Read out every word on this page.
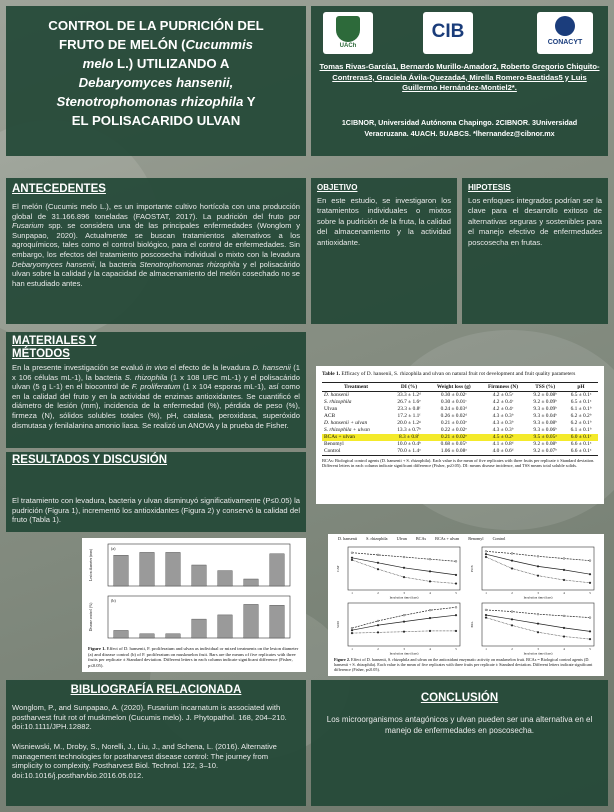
CONTROL DE LA PUDRICIÓN DEL
FRUTO DE MELÓN (Cucummis
melo L.) UTILIZANDO A
Debaryomyces hansenii,
Stenotrophomonas rhizophila Y
EL POLISACARIDO ULVAN
UACh
CIB
CONACYT
Tomas Rivas-García1, Bernardo Murillo-Amador2, Roberto Gregorio Chiquito-Contreras3, Graciela Ávila-Quezada4, Mirella Romero-Bastidas5 y Luis Guillermo Hernández-Montiel2*.
1CIBNOR, Universidad Autónoma Chapingo. 2CIBNOR. 3Universidad Veracruzana. 4UACH. 5UABCS. *lhernandez@cibnor.mx
ANTECEDENTES
El melón (Cucumis melo L.), es un importante cultivo hortícola con una producción global de 31.166.896 toneladas (FAOSTAT, 2017). La pudrición del fruto por Fusarium spp. se considera una de las principales enfermedades (Wonglom y Sunpapao, 2020). Actualmente se buscan tratamientos alternativos a los agroquímicos, tales como el control biológico, para el control de enfermedades. Sin embargo, los efectos del tratamiento poscosecha individual o mixto con la levadura Debaryomyces hansenii, la bacteria Stenotrophomonas rhizophila y el polisacárido ulvan sobre la calidad y la capacidad de almacenamiento del melón cosechado no se han estudiado antes.
OBJETIVO
En este estudio, se investigaron los tratamientos individuales o mixtos sobre la pudrición de la fruta, la calidad del almacenamiento y la actividad antioxidante.
HIPOTESIS
Los enfoques integrados podrían ser la clave para el desarrollo exitoso de alternativas seguras y sostenibles para el manejo efectivo de enfermedades poscosecha en frutas.
MATERIALES Y
MÉTODOS
En la presente investigación se evaluó in vivo el efecto de la levadura D. hansenii (1 x 106 células mL-1), la bacteria S. rhizophila (1 x 108 UFC mL-1) y el polisacárido ulvan (5 g L-1) en el biocontrol de F. proliferatum (1 x 104 esporas mL-1), así como en la calidad del fruto y en la actividad de enzimas antioxidantes. Se cuantificó el diámetro de lesión (mm), incidencia de la enfermedad (%), pérdida de peso (%), firmeza (N), sólidos solubles totales (%), pH, catalasa, peroxidasa, superóxido dismutasa y fenilalanina amonio liasa. Se realizó un ANOVA y la prueba de Fisher.
Table 1. Efficacy of D. hansenii, S. rhizophila and ulvan on natural fruit rot development and fruit quality parameters
Treatment	DI (%)	Weight loss (g)	Firmness (N)	TSS (%)	pH
D. hansenii	33.3 ± 1.2ᵈ	0.30 ± 0.02ᶜ	4.2 ± 0.5ᶜ	9.2 ± 0.08ᵇ	6.5 ± 0.1ᵃ
S. rhizophila	26.7 ± 1.6ᵉ	0.30 ± 0.01ᶜ	4.2 ± 0.4ᶜ	9.2 ± 0.09ᵇ	6.5 ± 0.1ᵃ
Ulvan	23.3 ± 0.8ᶠ	0.24 ± 0.03ᵈ	4.2 ± 0.4ᶜ	9.3 ± 0.09ᵇ	6.1 ± 0.1ᵇ
ACB	17.2 ± 1.1ᶠ	0.26 ± 0.02ᵈ	4.3 ± 0.3ᵇ	9.3 ± 0.04ᵇ	6.2 ± 0.2ᵇ
D. hansenii + ulvan	20.0 ± 1.2ᵍ	0.21 ± 0.03ᵉ	4.3 ± 0.3ᵇ	9.3 ± 0.08ᵇ	6.2 ± 0.1ᵇ
S. rhizophila + ulvan	13.3 ± 0.7ʰ	0.22 ± 0.02ᵉ	4.3 ± 0.3ᵇ	9.3 ± 0.06ᵇ	6.1 ± 0.1ᵇ
BCAs + ulvan	8.3 ± 0.8ⁱ	0.21 ± 0.02ᵉ	4.5 ± 0.2ᵃ	9.5 ± 0.05ᵃ	6.0 ± 0.1ᶜ
Benomyl	10.0 ± 0.4ʰ	0.68 ± 0.05ᵇ	4.1 ± 0.8ᵈ	9.2 ± 0.08ᵇ	6.6 ± 0.1ᵃ
Control	70.0 ± 1.4ᵃ	1.06 ± 0.08ᵃ	4.0 ± 0.6ᵈ	9.2 ± 0.07ᵇ	6.6 ± 0.1ᵃ
BCAs: Biological control agents (D. hansenii + S. rhizophila). Each value is the mean of five replicates with three fruits per replicate ± Standard deviation. Different letters in each column indicate significant difference (Fisher, p≤0.05). DI: means disease incidence, and TSS means total soluble solids.
RESULTADOS Y DISCUSIÓN
El tratamiento con levadura, bacteria y ulvan disminuyó significativamente (P≤0.05) la pudrición (Figura 1), incrementó los antioxidantes (Figura 2) y conservó la calidad del fruto (Tabla 1).
Lesion diameter (mm)
(a)
Disease control (%)
(b)
Figure 1. Effect of D. hansenii, F. proliferatum and ulvan as individual or mixed treatments on the lesion diameter (a) and disease control (b) of F. proliferatum on muskmelon fruit. Bars are the means of five replicates with three fruits per replicate ± Standard deviation. Different letters in each column indicate significant difference (Fisher, p≤0.05).
D. hansenii S. rhizophila Ulvan BCAs BCAs + ulvan Benomyl Control
1	2	3	4	5
Incubation time (days)
CAT
1	2	3	4	5
Incubation time (days)
POX
1	2	3	4	5
Incubation time (days)
SOD
1	2	3	4	5
Incubation time (days)
PAL
Figure 2. Effect of D. hansenii, S. rhizophila and ulvan on the antioxidant enzymatic activity on muskmelon fruit. BCAs = Biological control agents (D. hansenii + S. rhizophila). Each value is the mean of five replicates with three fruits per replicate ± Standard deviation. Different letters indicate significant difference (Fisher, p≤0.05).
BIBLIOGRAFÍA RELACIONADA
Wonglom, P., and Sunpapao, A. (2020). Fusarium incarnatum is associated with postharvest fruit rot of muskmelon (Cucumis melo). J. Phytopathol. 168, 204–210. doi:10.1111/JPH.12882.
Wisniewski, M., Droby, S., Norelli, J., Liu, J., and Schena, L. (2016). Alternative management technologies for postharvest disease control: The journey from simplicity to complexity. Postharvest Biol. Technol. 122, 3–10. doi:10.1016/j.postharvbio.2016.05.012.
CONCLUSIÓN
Los microorganismos antagónicos y ulvan pueden ser una alternativa en el manejo de enfermedades en poscosecha.
